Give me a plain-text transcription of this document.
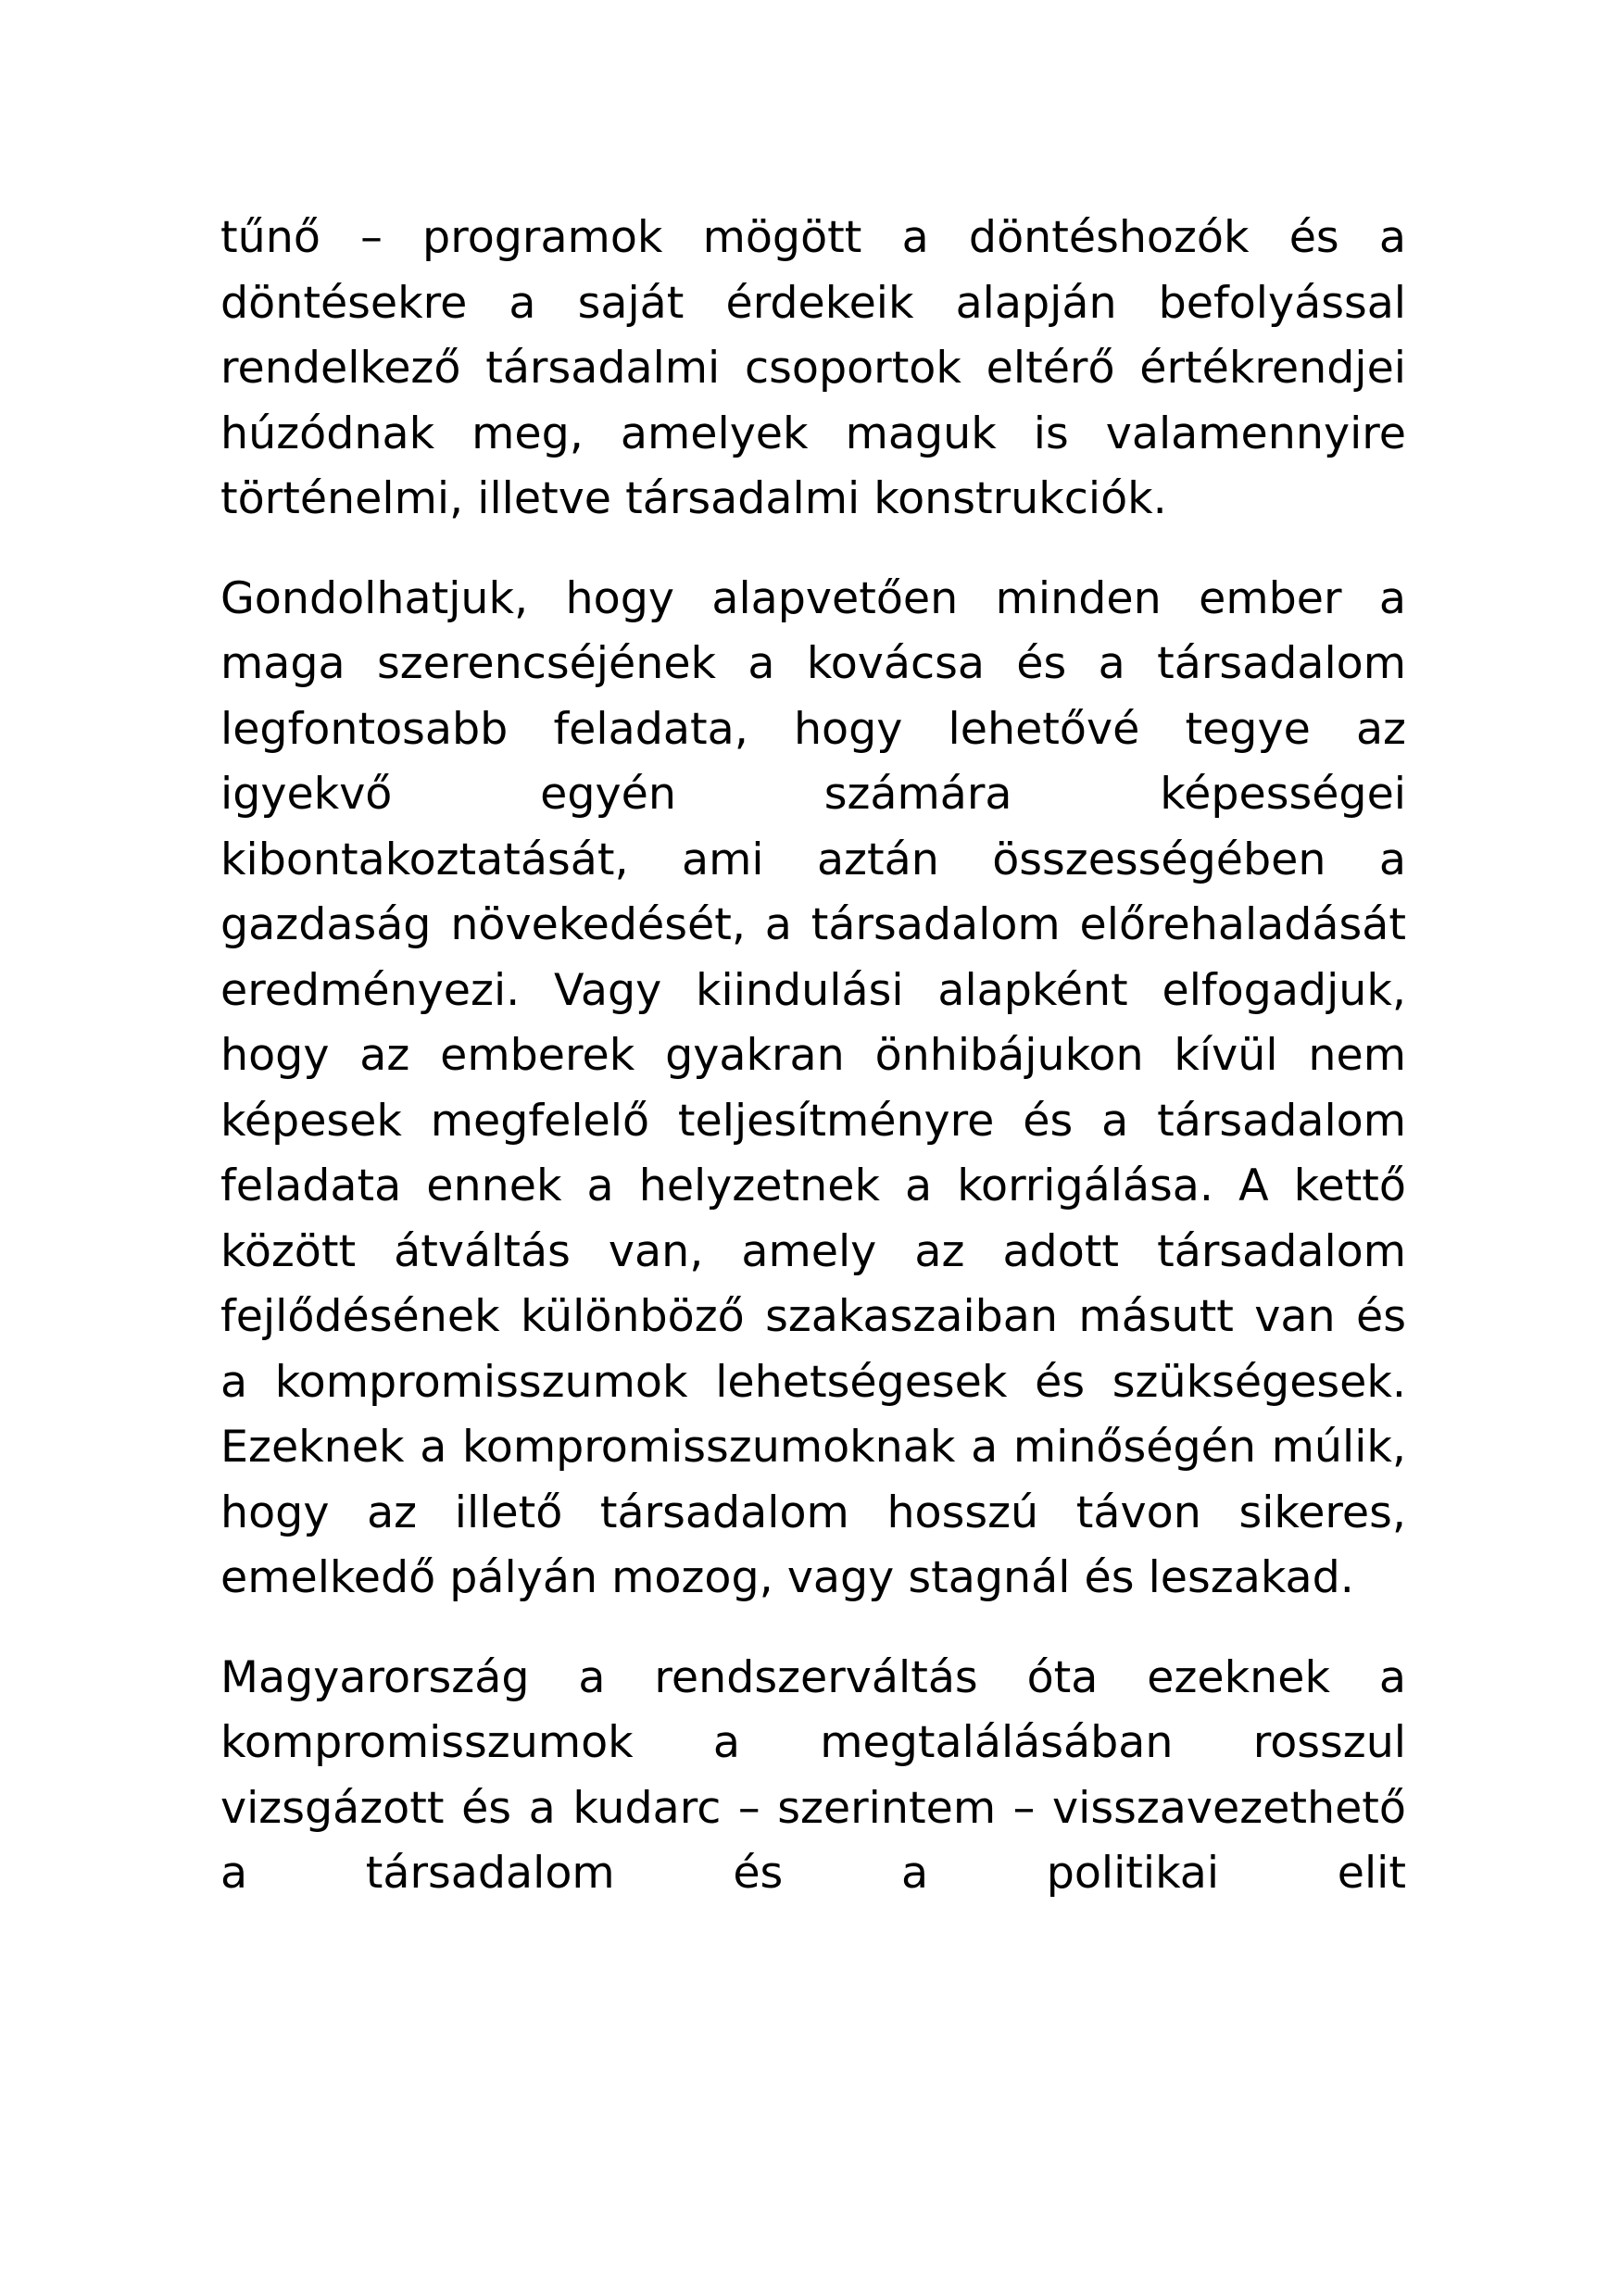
tűnő – programok mögött a döntéshozók és a döntésekre a saját érdekeik alapján befolyással rendelkező társadalmi csoportok eltérő értékrendjei húzódnak meg, amelyek maguk is valamennyire történelmi, illetve társadalmi konstrukciók.

Gondolhatjuk, hogy alapvetően minden ember a maga szerencséjének a kovácsa és a társadalom legfontosabb feladata, hogy lehetővé tegye az igyekvő egyén számára képességei kibontakoztatását, ami aztán összességében a gazdaság növekedését, a társadalom előrehaladását eredményezi. Vagy kiindulási alapként elfogadjuk, hogy az emberek gyakran önhibájukon kívül nem képesek megfelelő teljesítményre és a társadalom feladata ennek a helyzetnek a korrigálása. A kettő között átváltás van, amely az adott társadalom fejlődésének különböző szakaszaiban másutt van és a kompromisszumok lehetségesek és szükségesek. Ezeknek a kompromisszumoknak a minőségén múlik, hogy az illető társadalom hosszú távon sikeres, emelkedő pályán mozog, vagy stagnál és leszakad.

Magyarország a rendszerváltás óta ezeknek a kompromisszumok a megtalálásában rosszul vizsgázott és a kudarc – szerintem – visszavezethető a társadalom és a politikai elit
